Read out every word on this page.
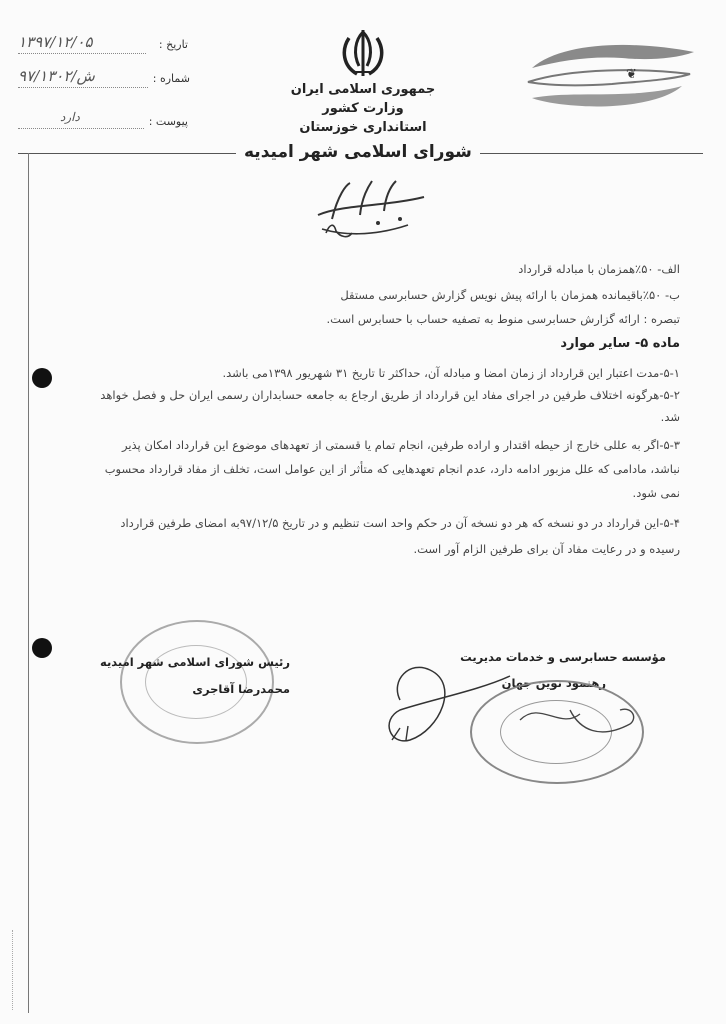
تاریخ :
۱۳۹۷/۱۲/۰۵
شماره :
۹۷/۱۳۰۲/ش
پیوست :
دارد
جمهوری اسلامی ایران
وزارت کشور
استانداری خوزستان
❦
شورای اسلامی شهر امیدیه
الف- ۵۰٪همزمان با مبادله قرارداد
ب- ۵۰٪باقیمانده همزمان با ارائه پیش نویس گزارش حسابرسی مستقل
تبصره : ارائه گزارش حسابرسی منوط به تصفیه حساب با حسابرس است.
ماده ۵- سایر موارد
۵-۱-مدت اعتبار این قرارداد از زمان امضا و مبادله آن، حداکثر تا تاریخ ۳۱ شهریور ۱۳۹۸می باشد.
۵-۲-هرگونه اختلاف طرفین در اجرای مفاد این قرارداد از طریق ارجاع به جامعه حسابداران رسمی ایران حل و فصل خواهد
شد.
۵-۳-اگر به عللی خارج از حیطه اقتدار و اراده طرفین، انجام تمام یا قسمتی از تعهدهای موضوع این قرارداد امکان پذیر
نباشد، مادامی که علل مزبور ادامه دارد، عدم انجام تعهدهایی که متأثر از این عوامل است، تخلف از مفاد قرارداد محسوب
نمی شود.
۵-۴-این قرارداد در دو نسخه که هر دو نسخه آن در حکم واحد است تنظیم و در تاریخ ۹۷/۱۲/۵به امضای طرفین قرارداد
رسیده و در رعایت مفاد آن برای طرفین الزام آور است.
رئیس شورای اسلامی شهر امیدیه
محمدرضا آقاجری
مؤسسه حسابرسی و خدمات مدیریت
رهنمود نوین جهان
